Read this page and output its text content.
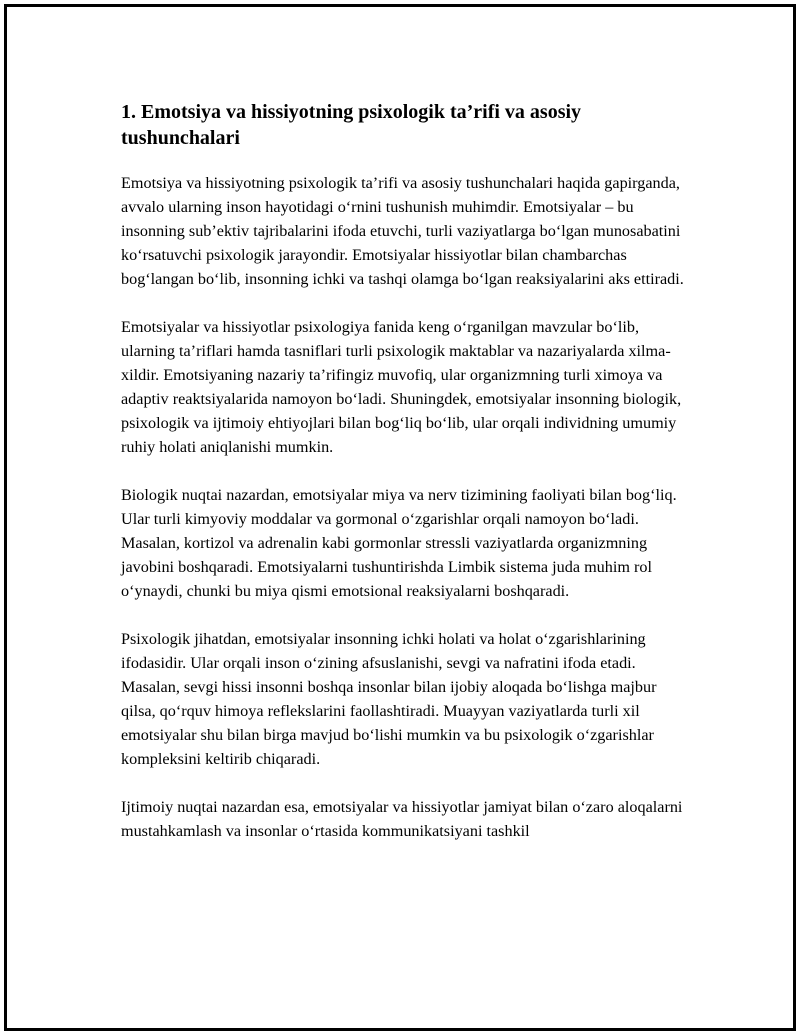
1. Emotsiya va hissiyotning psixologik ta’rifi va asosiy tushunchalari

Emotsiya va hissiyotning psixologik ta’rifi va asosiy tushunchalari haqida gapirganda, avvalo ularning inson hayotidagi o‘rnini tushunish muhimdir. Emotsiyalar – bu insonning sub’ektiv tajribalarini ifoda etuvchi, turli vaziyatlarga bo‘lgan munosabatini ko‘rsatuvchi psixologik jarayondir. Emotsiyalar hissiyotlar bilan chambarchas bog‘langan bo‘lib, insonning ichki va tashqi olamga bo‘lgan reaksiyalarini aks ettiradi.

Emotsiyalar va hissiyotlar psixologiya fanida keng o‘rganilgan mavzular bo‘lib, ularning ta’riflari hamda tasniflari turli psixologik maktablar va nazariyalarda xilma-xildir. Emotsiyaning nazariy ta’rifingiz muvofiq, ular organizmning turli ximoya va adaptiv reaktsiyalarida namoyon bo‘ladi. Shuningdek, emotsiyalar insonning biologik, psixologik va ijtimoiy ehtiyojlari bilan bog‘liq bo‘lib, ular orqali individning umumiy ruhiy holati aniqlanishi mumkin.

Biologik nuqtai nazardan, emotsiyalar miya va nerv tizimining faoliyati bilan bog‘liq. Ular turli kimyoviy moddalar va gormonal o‘zgarishlar orqali namoyon bo‘ladi. Masalan, kortizol va adrenalin kabi gormonlar stressli vaziyatlarda organizmning javobini boshqaradi. Emotsiyalarni tushuntirishda Limbik sistema juda muhim rol o‘ynaydi, chunki bu miya qismi emotsional reaksiyalarni boshqaradi.

Psixologik jihatdan, emotsiyalar insonning ichki holati va holat o‘zgarishlarining ifodasidir. Ular orqali inson o‘zining afsuslanishi, sevgi va nafratini ifoda etadi. Masalan, sevgi hissi insonni boshqa insonlar bilan ijobiy aloqada bo‘lishga majbur qilsa, qo‘rquv himoya reflekslarini faollashtiradi. Muayyan vaziyatlarda turli xil emotsiyalar shu bilan birga mavjud bo‘lishi mumkin va bu psixologik o‘zgarishlar kompleksini keltirib chiqaradi.

Ijtimoiy nuqtai nazardan esa, emotsiyalar va hissiyotlar jamiyat bilan o‘zaro aloqalarni mustahkamlash va insonlar o‘rtasida kommunikatsiyani tashkil
